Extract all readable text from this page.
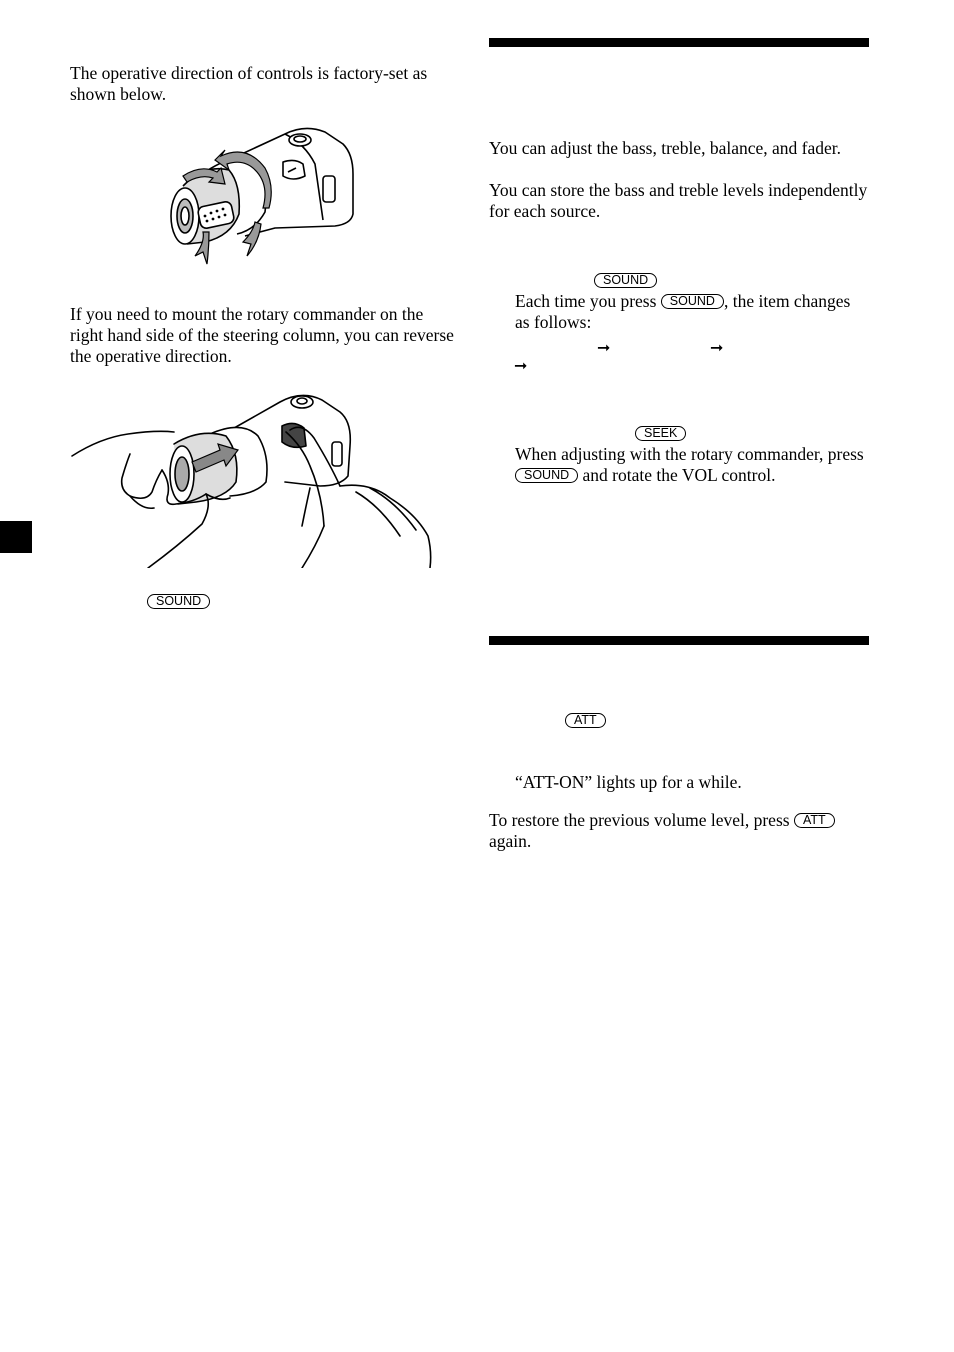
The operative direction of controls is factory-set as shown below.

If you need to mount the rotary commander on the right hand side of the steering column, you can reverse the operative direction.

SOUND

You can adjust the bass, treble, balance, and fader.

You can store the bass and treble levels independently for each source.

SOUND

Each time you press SOUND , the item changes as follows:

➞	➞
➞
SEEK

When adjusting with the rotary commander, press SOUND and rotate the VOL control.

ATT

“ATT-ON” lights up for a while.

To restore the previous volume level, press ATT again.
